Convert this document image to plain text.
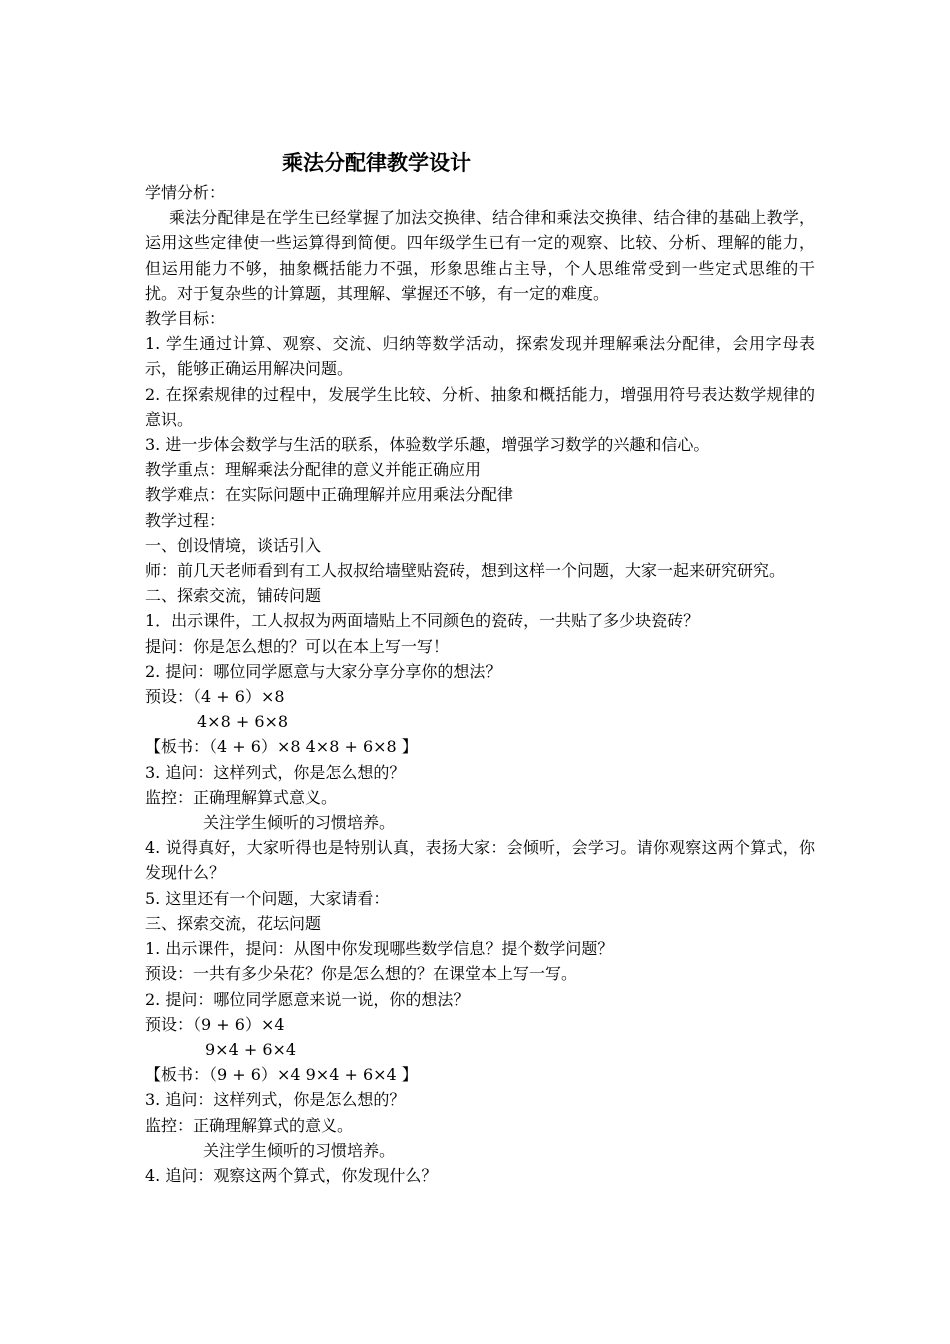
乘法分配律教学设计
学情分析：
乘法分配律是在学生已经掌握了加法交换律、结合律和乘法交换律、结合律的基础上教学，运用这些定律使一些运算得到简便。四年级学生已有一定的观察、比较、分析、理解的能力，但运用能力不够，抽象概括能力不强，形象思维占主导，个人思维常受到一些定式思维的干扰。对于复杂些的计算题，其理解、掌握还不够，有一定的难度。
教学目标：
1. 学生通过计算、观察、交流、归纳等数学活动，探索发现并理解乘法分配律，会用字母表示，能够正确运用解决问题。
2. 在探索规律的过程中，发展学生比较、分析、抽象和概括能力，增强用符号表达数学规律的意识。
3. 进一步体会数学与生活的联系，体验数学乐趣，增强学习数学的兴趣和信心。
教学重点：理解乘法分配律的意义并能正确应用
教学难点：在实际问题中正确理解并应用乘法分配律
教学过程：
一、创设情境，谈话引入
师：前几天老师看到有工人叔叔给墙壁贴瓷砖，想到这样一个问题，大家一起来研究研究。
二、探索交流，铺砖问题
1．出示课件，工人叔叔为两面墙贴上不同颜色的瓷砖，一共贴了多少块瓷砖？
提问：你是怎么想的？可以在本上写一写！
2. 提问：哪位同学愿意与大家分享分享你的想法？
预设：（4 + 6）×8
4×8 + 6×8
【板书：（4 + 6）×8 4×8 + 6×8 】
3. 追问：这样列式，你是怎么想的？
监控：正确理解算式意义。
关注学生倾听的习惯培养。
4. 说得真好，大家听得也是特别认真，表扬大家：会倾听，会学习。请你观察这两个算式，你发现什么？
5. 这里还有一个问题，大家请看：
三、探索交流，花坛问题
1. 出示课件，提问：从图中你发现哪些数学信息？提个数学问题？
预设：一共有多少朵花？你是怎么想的？在课堂本上写一写。
2. 提问：哪位同学愿意来说一说，你的想法？
预设：（9 + 6）×4
9×4 + 6×4
【板书：（9 + 6）×4 9×4 + 6×4 】
3. 追问：这样列式，你是怎么想的？
监控：正确理解算式的意义。
关注学生倾听的习惯培养。
4. 追问：观察这两个算式，你发现什么？
